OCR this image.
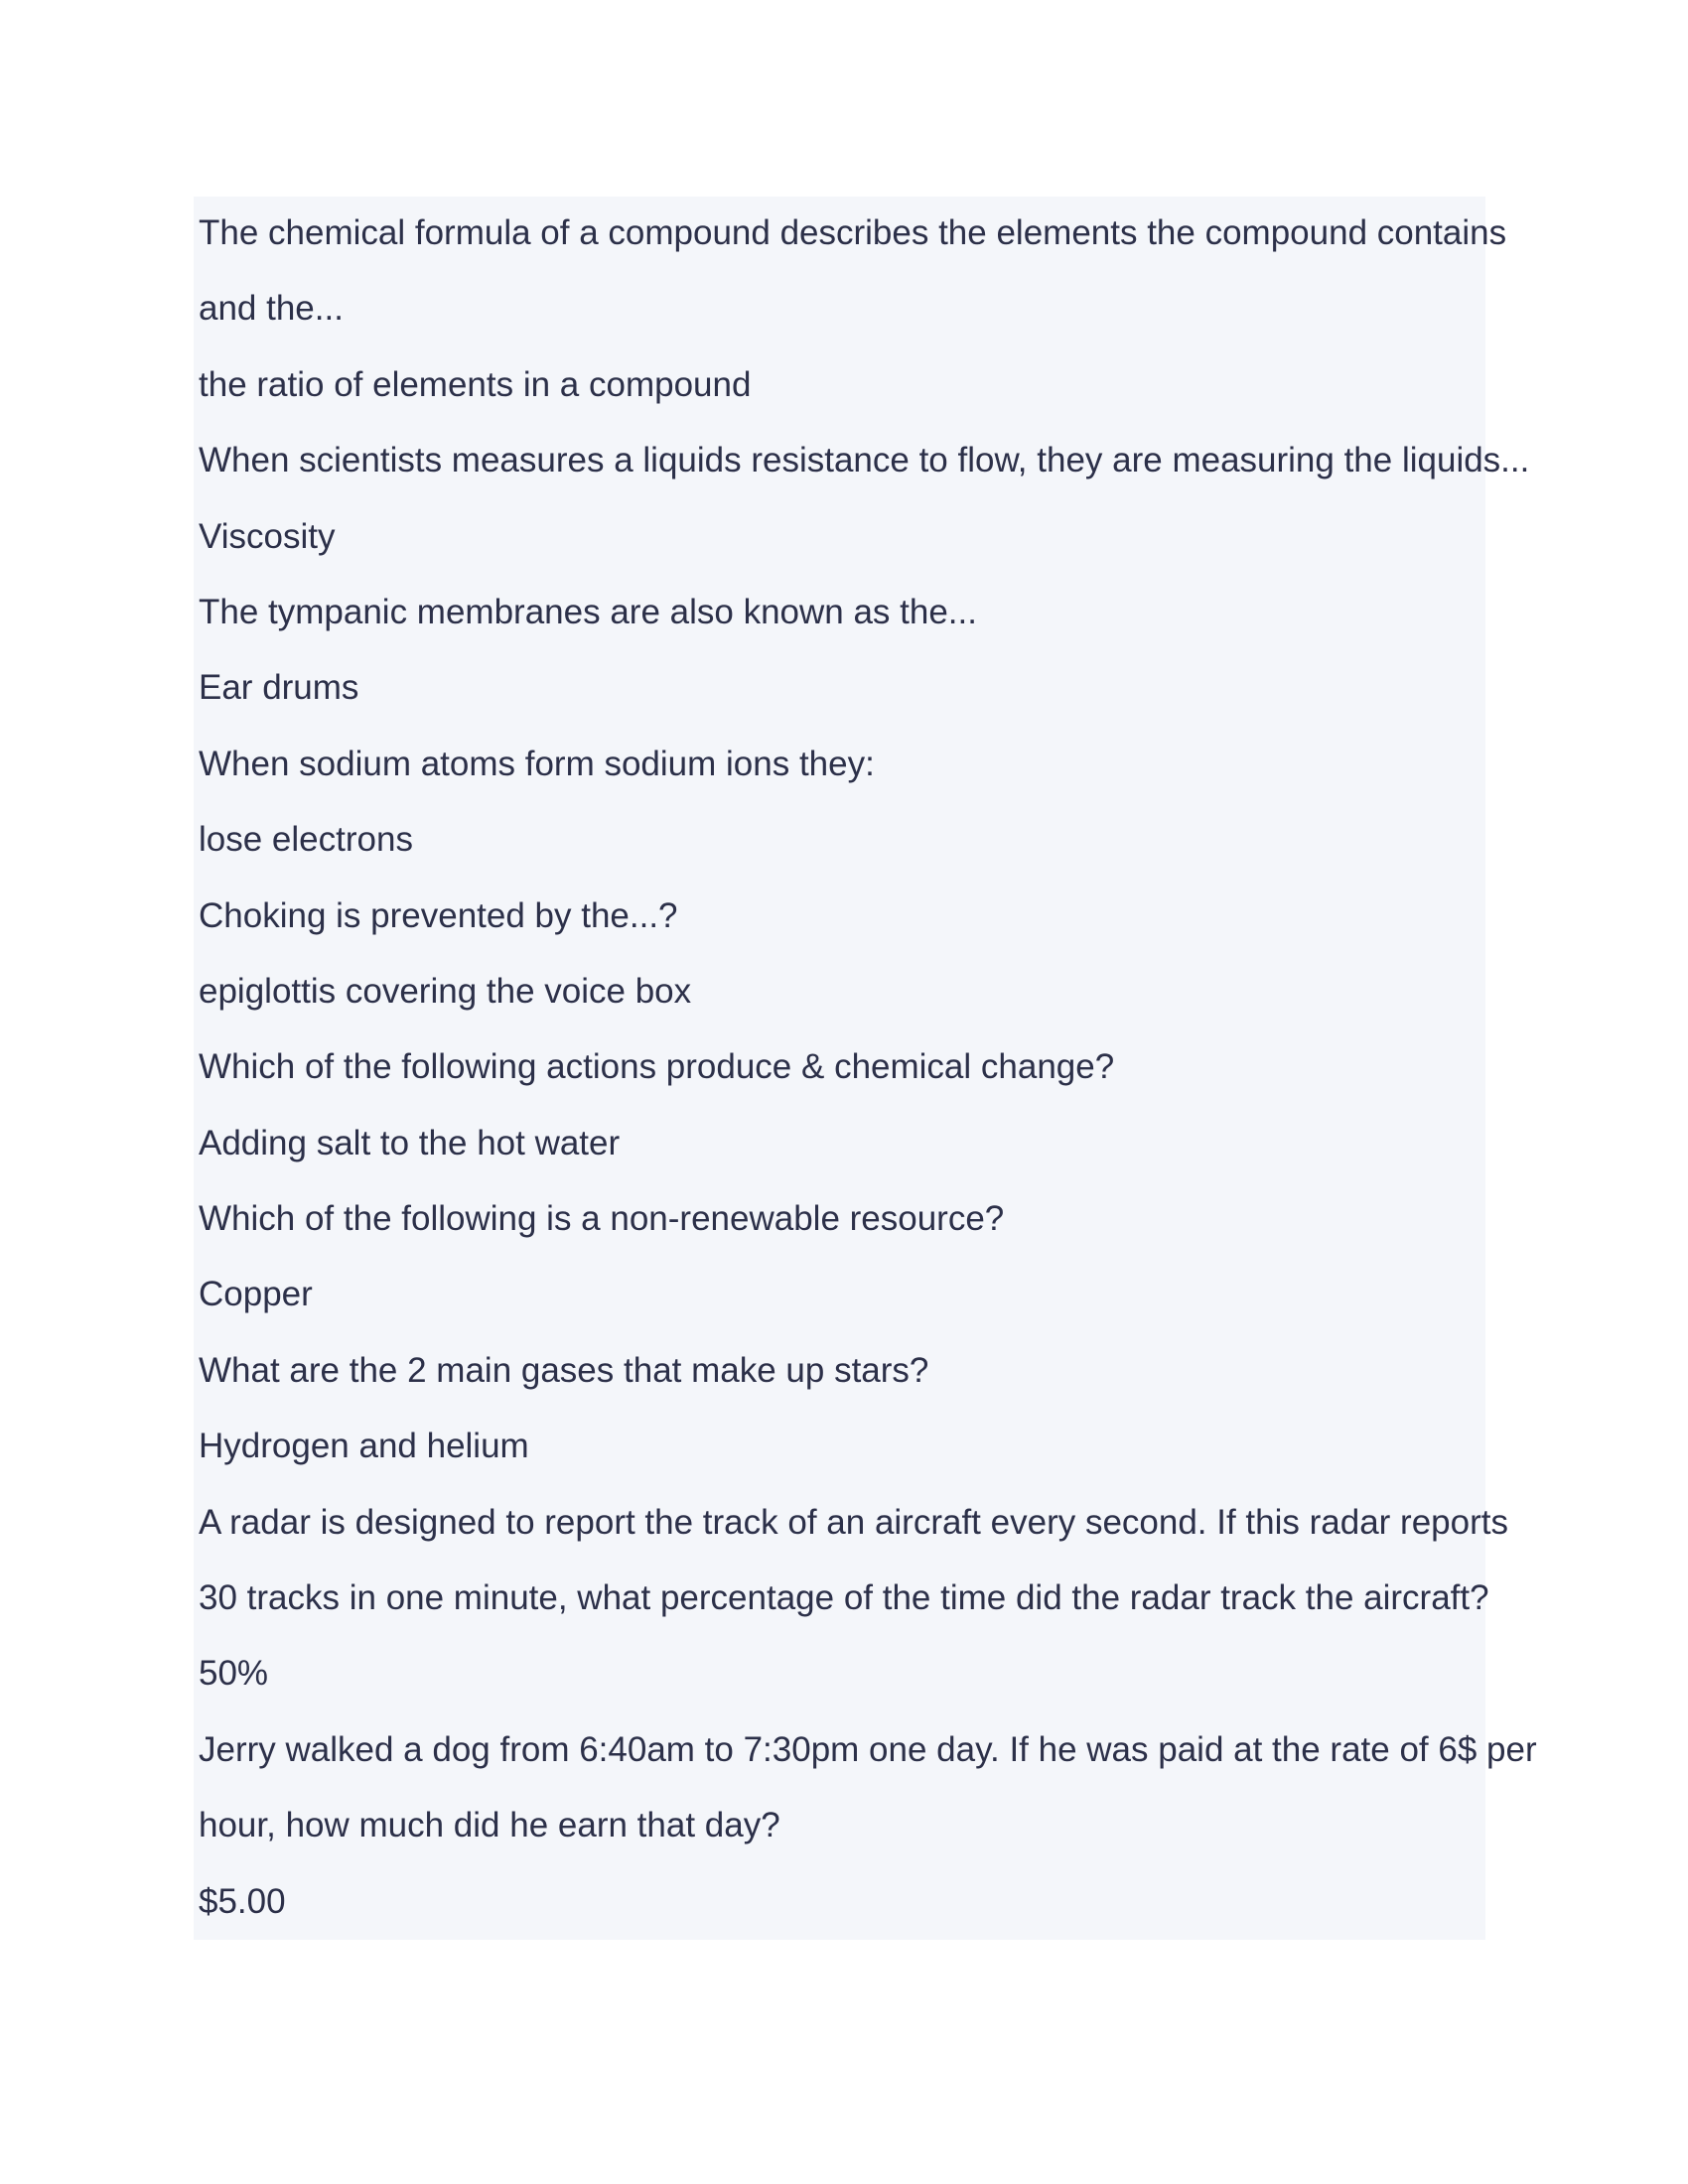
The chemical formula of a compound describes the elements the compound contains

and the...

the ratio of elements in a compound

When scientists measures a liquids resistance to flow, they are measuring the liquids...

Viscosity

The tympanic membranes are also known as the...

Ear drums

When sodium atoms form sodium ions they:

lose electrons

Choking is prevented by the...?

epiglottis covering the voice box

Which of the following actions produce & chemical change?

Adding salt to the hot water

Which of the following is a non-renewable resource?

Copper

What are the 2 main gases that make up stars?

Hydrogen and helium

A radar is designed to report the track of an aircraft every second. If this radar reports

30 tracks in one minute, what percentage of the time did the radar track the aircraft?

50%

Jerry walked a dog from 6:40am to 7:30pm one day. If he was paid at the rate of 6$ per

hour, how much did he earn that day?

$5.00
